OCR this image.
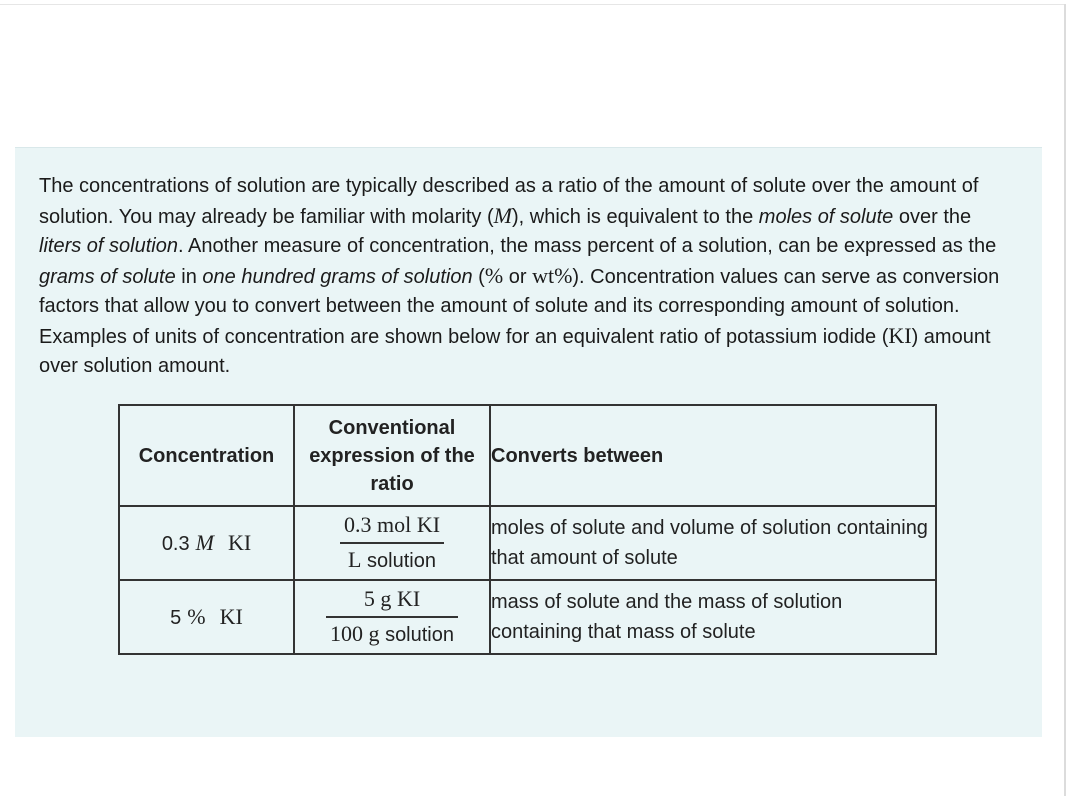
The concentrations of solution are typically described as a ratio of the amount of solute over the amount of solution. You may already be familiar with molarity (M), which is equivalent to the moles of solute over the liters of solution. Another measure of concentration, the mass percent of a solution, can be expressed as the grams of solute in one hundred grams of solution (% or wt%). Concentration values can serve as conversion factors that allow you to convert between the amount of solute and its corresponding amount of solution. Examples of units of concentration are shown below for an equivalent ratio of potassium iodide (KI) amount over solution amount.

Concentration	Conventional expression of the ratio	Converts between
0.3 M KI	$\frac{\text{0.3 mol KI}}{\text{L solution}}$	moles of solute and volume of solution containing that amount of solute
5 % KI	$\frac{\text{5 g KI}}{\text{100 g solution}}$	mass of solute and the mass of solution containing that mass of solute
